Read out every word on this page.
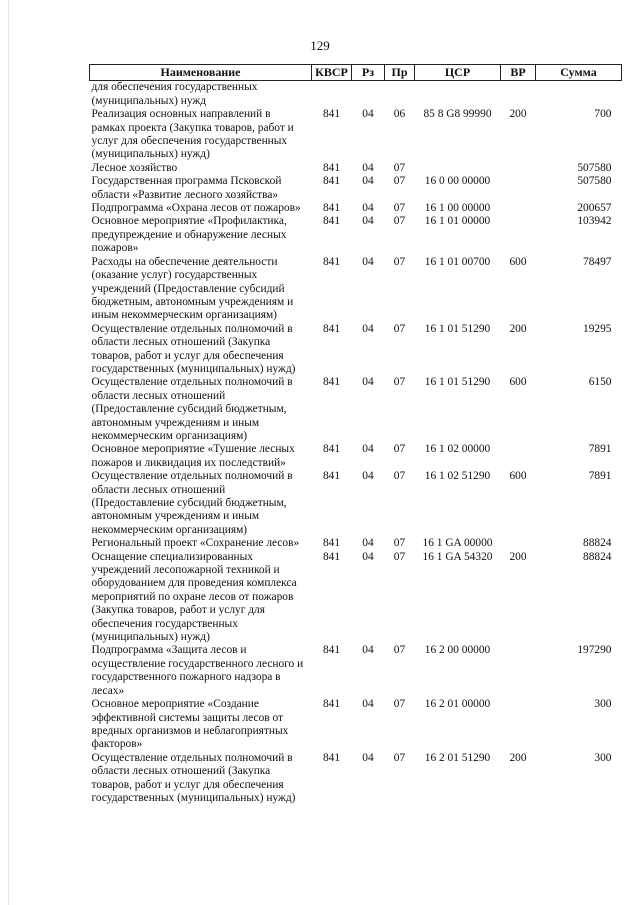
129
Наименование	КВСР	Рз	Пр	ЦСР	ВР	Сумма
для обеспечения государственных (муниципальных) нужд						
Реализация основных направлений в рамках проекта (Закупка товаров, работ и услуг для обеспечения государственных (муниципальных) нужд)	841	04	06	85 8 G8 99990	200	700
Лесное хозяйство	841	04	07			507580
Государственная программа Псковской области «Развитие лесного хозяйства»	841	04	07	16 0 00 00000		507580
Подпрограмма «Охрана лесов от пожаров»	841	04	07	16 1 00 00000		200657
Основное мероприятие «Профилактика, предупреждение и обнаружение лесных пожаров»	841	04	07	16 1 01 00000		103942
Расходы на обеспечение деятельности (оказание услуг) государственных учреждений (Предоставление субсидий бюджетным, автономным учреждениям и иным некоммерческим организациям)	841	04	07	16 1 01 00700	600	78497
Осуществление отдельных полномочий в области лесных отношений (Закупка товаров, работ и услуг для обеспечения государственных (муниципальных) нужд)	841	04	07	16 1 01 51290	200	19295
Осуществление отдельных полномочий в области лесных отношений (Предоставление субсидий бюджетным, автономным учреждениям и иным некоммерческим организациям)	841	04	07	16 1 01 51290	600	6150
Основное мероприятие «Тушение лесных пожаров и ликвидация их последствий»	841	04	07	16 1 02 00000		7891
Осуществление отдельных полномочий в области лесных отношений (Предоставление субсидий бюджетным, автономным учреждениям и иным некоммерческим организациям)	841	04	07	16 1 02 51290	600	7891
Региональный проект «Сохранение лесов»	841	04	07	16 1 GA 00000		88824
Оснащение специализированных учреждений лесопожарной техникой и оборудованием для проведения комплекса мероприятий по охране лесов от пожаров (Закупка товаров, работ и услуг для обеспечения государственных (муниципальных) нужд)	841	04	07	16 1 GA 54320	200	88824
Подпрограмма «Защита лесов и осуществление государственного лесного и государственного пожарного надзора в лесах»	841	04	07	16 2 00 00000		197290
Основное мероприятие «Создание эффективной системы защиты лесов от вредных организмов и неблагоприятных факторов»	841	04	07	16 2 01 00000		300
Осуществление отдельных полномочий в области лесных отношений (Закупка товаров, работ и услуг для обеспечения государственных (муниципальных) нужд)	841	04	07	16 2 01 51290	200	300
